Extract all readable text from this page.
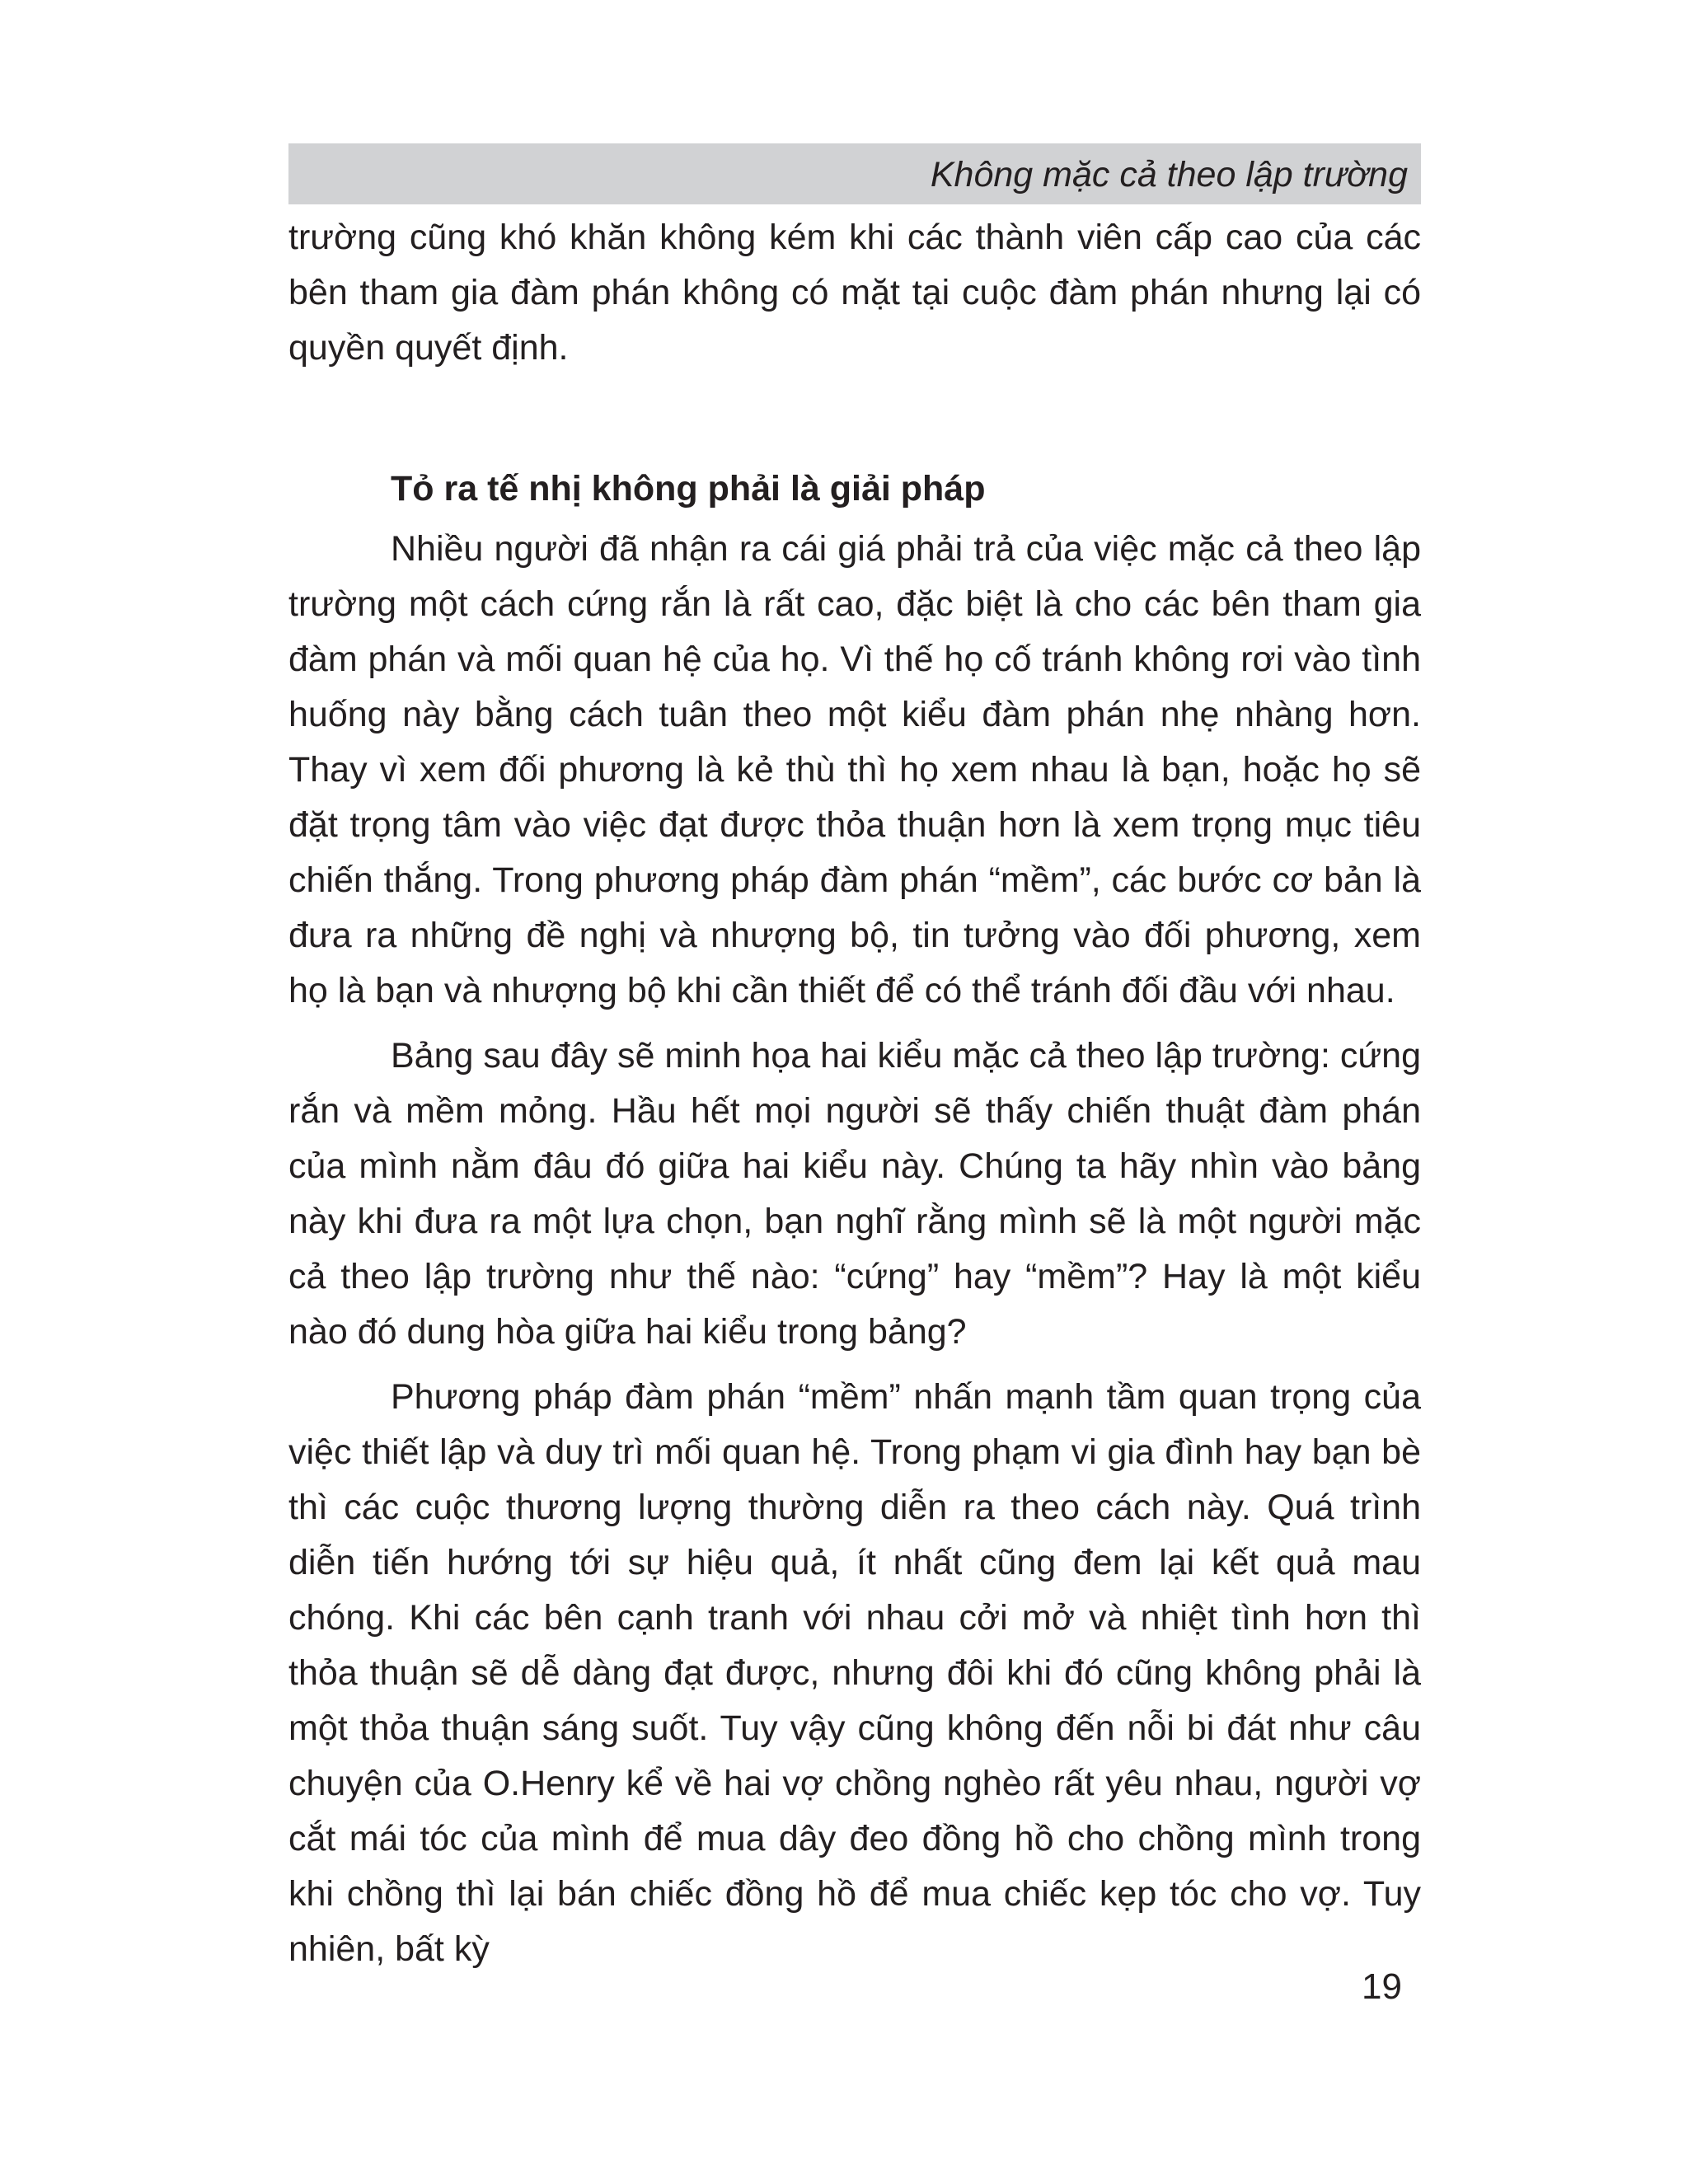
Không mặc cả theo lập trường

trường cũng khó khăn không kém khi các thành viên cấp cao của các bên tham gia đàm phán không có mặt tại cuộc đàm phán nhưng lại có quyền quyết định.

Tỏ ra tế nhị không phải là giải pháp

Nhiều người đã nhận ra cái giá phải trả của việc mặc cả theo lập trường một cách cứng rắn là rất cao, đặc biệt là cho các bên tham gia đàm phán và mối quan hệ của họ. Vì thế họ cố tránh không rơi vào tình huống này bằng cách tuân theo một kiểu đàm phán nhẹ nhàng hơn. Thay vì xem đối phương là kẻ thù thì họ xem nhau là bạn, hoặc họ sẽ đặt trọng tâm vào việc đạt được thỏa thuận hơn là xem trọng mục tiêu chiến thắng. Trong phương pháp đàm phán “mềm”, các bước cơ bản là đưa ra những đề nghị và nhượng bộ, tin tưởng vào đối phương, xem họ là bạn và nhượng bộ khi cần thiết để có thể tránh đối đầu với nhau.

Bảng sau đây sẽ minh họa hai kiểu mặc cả theo lập trường: cứng rắn và mềm mỏng. Hầu hết mọi người sẽ thấy chiến thuật đàm phán của mình nằm đâu đó giữa hai kiểu này. Chúng ta hãy nhìn vào bảng này khi đưa ra một lựa chọn, bạn nghĩ rằng mình sẽ là một người mặc cả theo lập trường như thế nào: “cứng” hay “mềm”? Hay là một kiểu nào đó dung hòa giữa hai kiểu trong bảng?

Phương pháp đàm phán “mềm” nhấn mạnh tầm quan trọng của việc thiết lập và duy trì mối quan hệ. Trong phạm vi gia đình hay bạn bè thì các cuộc thương lượng thường diễn ra theo cách này. Quá trình diễn tiến hướng tới sự hiệu quả, ít nhất cũng đem lại kết quả mau chóng. Khi các bên cạnh tranh với nhau cởi mở và nhiệt tình hơn thì thỏa thuận sẽ dễ dàng đạt được, nhưng đôi khi đó cũng không phải là một thỏa thuận sáng suốt. Tuy vậy cũng không đến nỗi bi đát như câu chuyện của O.Henry kể về hai vợ chồng nghèo rất yêu nhau, người vợ cắt mái tóc của mình để mua dây đeo đồng hồ cho chồng mình trong khi chồng thì lại bán chiếc đồng hồ để mua chiếc kẹp tóc cho vợ. Tuy nhiên, bất kỳ

19
